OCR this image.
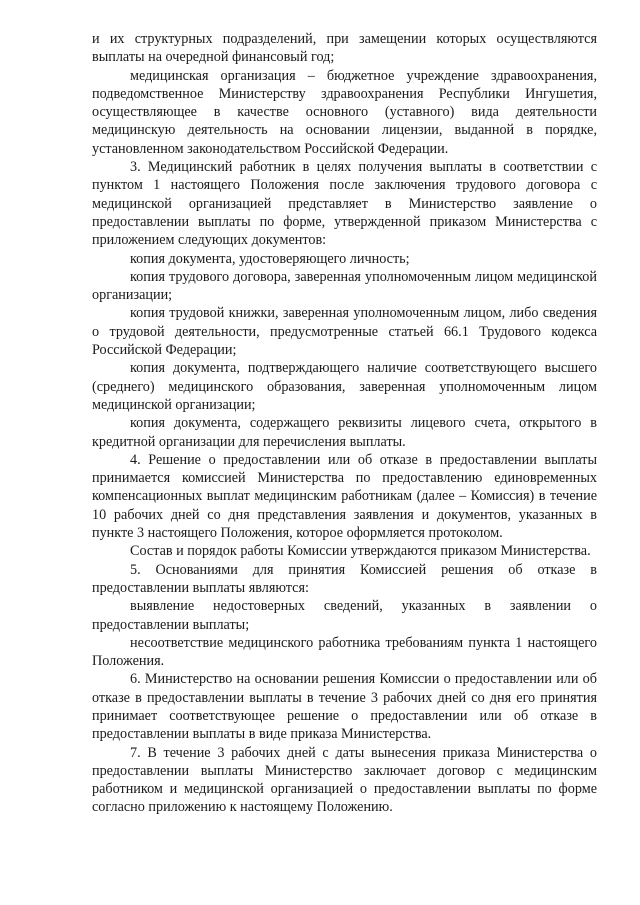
и их структурных подразделений, при замещении которых осуществляются выплаты на очередной финансовый год;

медицинская организация – бюджетное учреждение здравоохранения, подведомственное Министерству здравоохранения Республики Ингушетия, осуществляющее в качестве основного (уставного) вида деятельности медицинскую деятельность на основании лицензии, выданной в порядке, установленном законодательством Российской Федерации.

3. Медицинский работник в целях получения выплаты в соответствии с пунктом 1 настоящего Положения после заключения трудового договора с медицинской организацией представляет в Министерство заявление о предоставлении выплаты по форме, утвержденной приказом Министерства с приложением следующих документов:

копия документа, удостоверяющего личность;

копия трудового договора, заверенная уполномоченным лицом медицинской организации;

копия трудовой книжки, заверенная уполномоченным лицом, либо сведения о трудовой деятельности, предусмотренные статьей 66.1 Трудового кодекса Российской Федерации;

копия документа, подтверждающего наличие соответствующего высшего (среднего) медицинского образования, заверенная уполномоченным лицом медицинской организации;

копия документа, содержащего реквизиты лицевого счета, открытого в кредитной организации для перечисления выплаты.

4. Решение о предоставлении или об отказе в предоставлении выплаты принимается комиссией Министерства по предоставлению единовременных компенсационных выплат медицинским работникам (далее – Комиссия) в течение 10 рабочих дней со дня представления заявления и документов, указанных в пункте 3 настоящего Положения, которое оформляется протоколом.

Состав и порядок работы Комиссии утверждаются приказом Министерства.

5. Основаниями для принятия Комиссией решения об отказе в предоставлении выплаты являются:

выявление недостоверных сведений, указанных в заявлении о предоставлении выплаты;

несоответствие медицинского работника требованиям пункта 1 настоящего Положения.

6. Министерство на основании решения Комиссии о предоставлении или об отказе в предоставлении выплаты в течение 3 рабочих дней со дня его принятия принимает соответствующее решение о предоставлении или об отказе в предоставлении выплаты в виде приказа Министерства.

7. В течение 3 рабочих дней с даты вынесения приказа Министерства о предоставлении выплаты Министерство заключает договор с медицинским работником и медицинской организацией о предоставлении выплаты по форме согласно приложению к настоящему Положению.
